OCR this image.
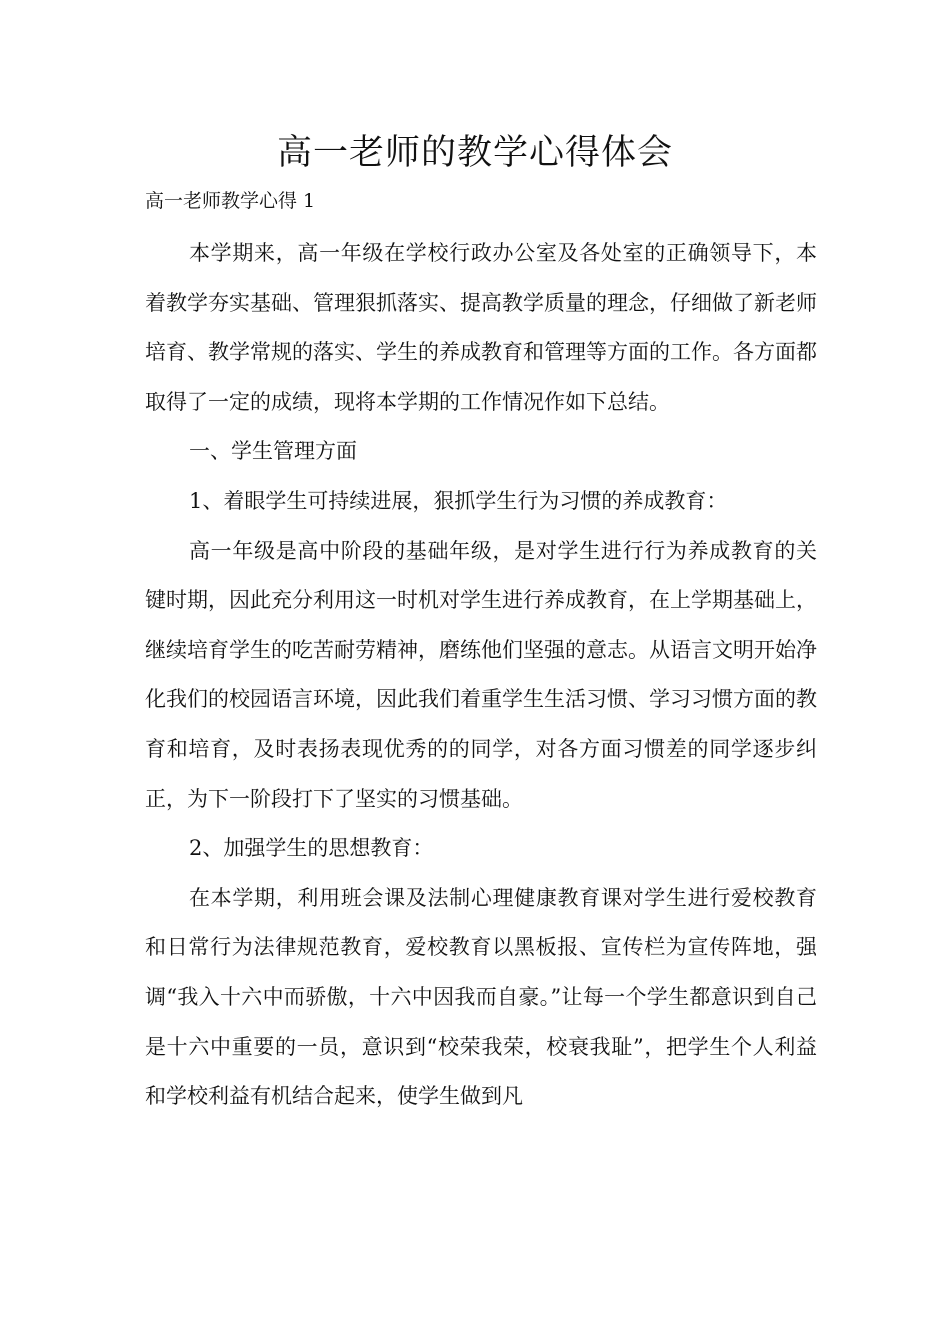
高一老师的教学心得体会

高一老师教学心得 1

本学期来，高一年级在学校行政办公室及各处室的正确领导下，本着教学夯实基础、管理狠抓落实、提高教学质量的理念，仔细做了新老师培育、教学常规的落实、学生的养成教育和管理等方面的工作。各方面都取得了一定的成绩，现将本学期的工作情况作如下总结。

一、学生管理方面

1、着眼学生可持续进展，狠抓学生行为习惯的养成教育：

高一年级是高中阶段的基础年级，是对学生进行行为养成教育的关键时期，因此充分利用这一时机对学生进行养成教育，在上学期基础上，继续培育学生的吃苦耐劳精神，磨练他们坚强的意志。从语言文明开始净化我们的校园语言环境，因此我们着重学生生活习惯、学习习惯方面的教育和培育，及时表扬表现优秀的的同学，对各方面习惯差的同学逐步纠正，为下一阶段打下了坚实的习惯基础。

2、加强学生的思想教育：

在本学期，利用班会课及法制心理健康教育课对学生进行爱校教育和日常行为法律规范教育，爱校教育以黑板报、宣传栏为宣传阵地，强调“我入十六中而骄傲，十六中因我而自豪。”让每一个学生都意识到自己是十六中重要的一员，意识到“校荣我荣，校衰我耻”，把学生个人利益和学校利益有机结合起来，使学生做到凡
